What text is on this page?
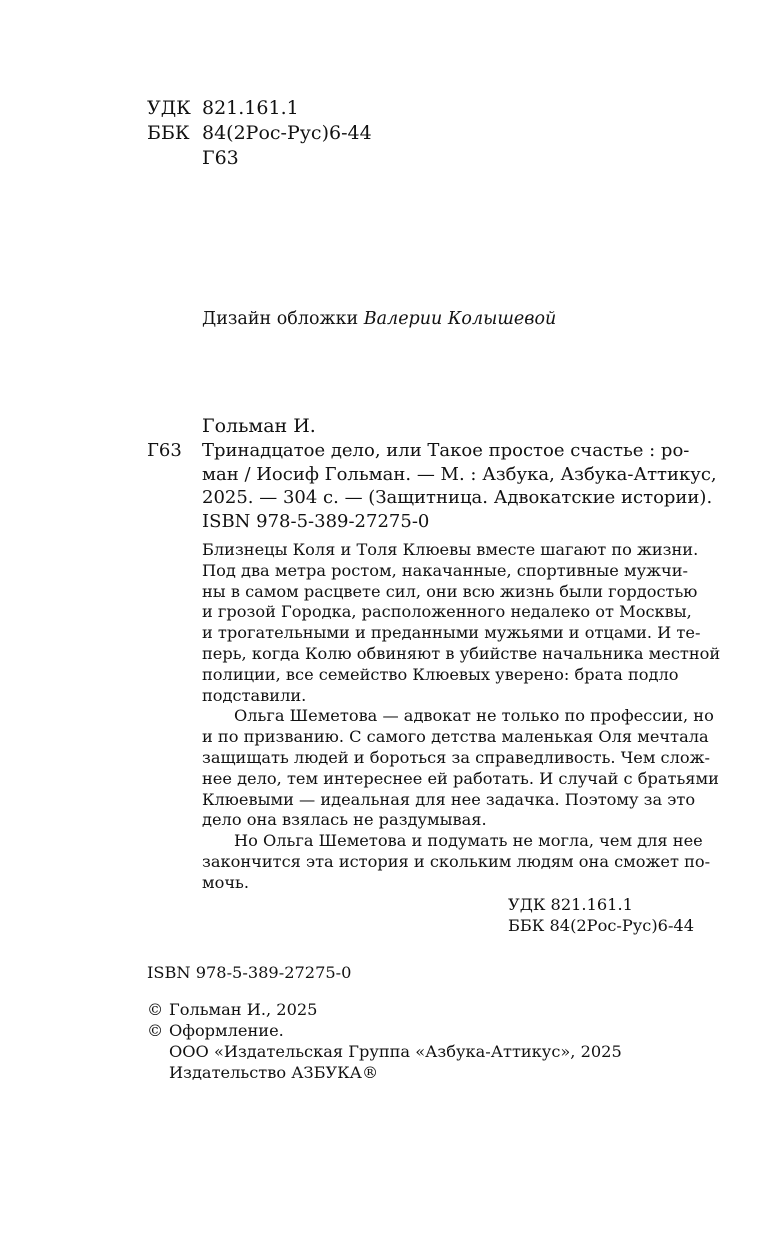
УДК 821.161.1
ББК 84(2Рос-Рус)6-44
Г63
Дизайн обложки Валерии Колышевой
Гольман И.
Г63 Тринадцатое дело, или Такое простое счастье : ро-
ман / Иосиф Гольман. — М. : Азбука, Азбука-Аттикус,
2025. — 304 с. — (Защитница. Адвокатские истории).
ISBN 978-5-389-27275-0
Близнецы Коля и Толя Клюевы вместе шагают по жизни.
Под два метра ростом, накачанные, спортивные мужчи-
ны в самом расцвете сил, они всю жизнь были гордостью
и грозой Городка, расположенного недалеко от Москвы,
и трогательными и преданными мужьями и отцами. И те-
перь, когда Колю обвиняют в убийстве начальника местной
полиции, все семейство Клюевых уверено: брата подло
подставили.
Ольга Шеметова — адвокат не только по профессии, но
и по призванию. С самого детства маленькая Оля мечтала
защищать людей и бороться за справедливость. Чем слож-
нее дело, тем интереснее ей работать. И случай с братьями
Клюевыми — идеальная для нее задачка. Поэтому за это
дело она взялась не раздумывая.
Но Ольга Шеметова и подумать не могла, чем для нее
закончится эта история и скольким людям она сможет по-
мочь.
УДК 821.161.1
ББК 84(2Рос-Рус)6-44
ISBN 978-5-389-27275-0
© Гольман И., 2025
© Оформление.
ООО «Издательская Группа «Азбука-Аттикус», 2025
Издательство АЗБУКА®
